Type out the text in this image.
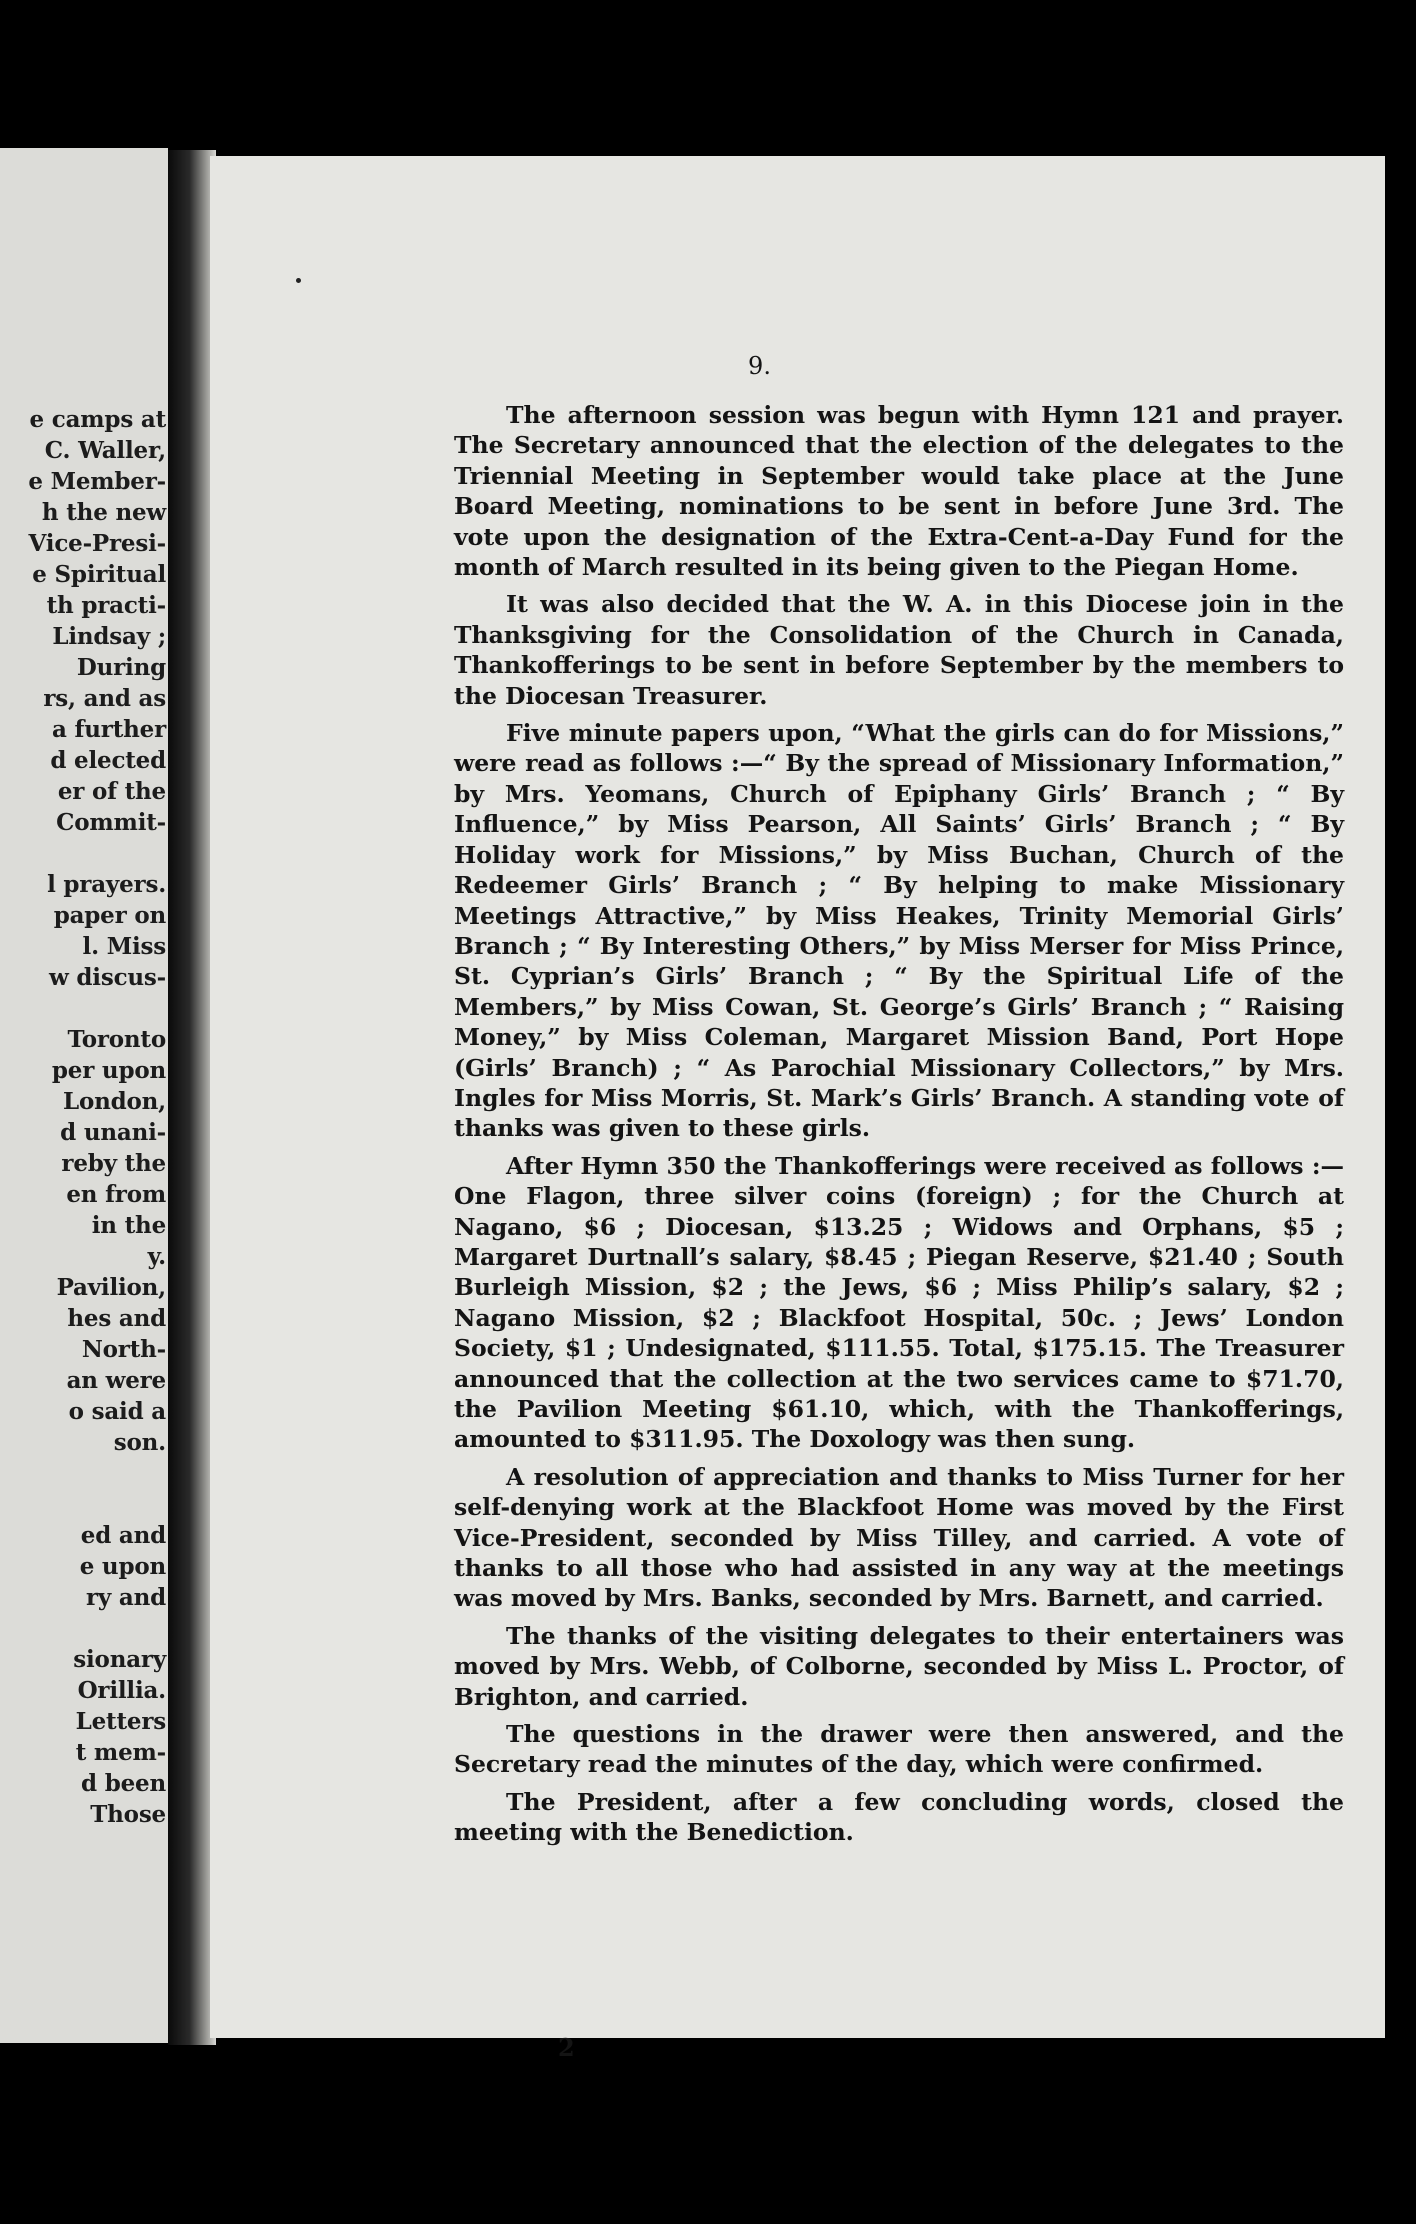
e camps at
C. Waller,
e Member-
h the new
Vice-Presi-
e Spiritual
th practi-
Lindsay ;
During
rs, and as
a further
d elected
er of the
Commit-
l prayers.
paper on
l. Miss
w discus-
Toronto
per upon
London,
d unani-
reby the
en from
in the
y.
Pavilion,
hes and
North-
an were
o said a
son.
ed and
e upon
ry and
sionary
Orillia.
Letters
t mem-
d been
Those
9.

The afternoon session was begun with Hymn 121 and prayer. The Secretary announced that the election of the delegates to the Triennial Meeting in September would take place at the June Board Meeting, nominations to be sent in before June 3rd. The vote upon the designation of the Extra-Cent-a-Day Fund for the month of March resulted in its being given to the Piegan Home.

It was also decided that the W. A. in this Diocese join in the Thanksgiving for the Consolidation of the Church in Canada, Thankofferings to be sent in before September by the members to the Diocesan Treasurer.

Five minute papers upon, “What the girls can do for Missions,” were read as follows :—“ By the spread of Missionary Information,” by Mrs. Yeomans, Church of Epiphany Girls’ Branch ; “ By Influence,” by Miss Pearson, All Saints’ Girls’ Branch ; “ By Holiday work for Missions,” by Miss Buchan, Church of the Redeemer Girls’ Branch ; “ By helping to make Missionary Meetings Attractive,” by Miss Heakes, Trinity Memorial Girls’ Branch ; “ By Interesting Others,” by Miss Merser for Miss Prince, St. Cyprian’s Girls’ Branch ; “ By the Spiritual Life of the Members,” by Miss Cowan, St. George’s Girls’ Branch ; “ Raising Money,” by Miss Coleman, Margaret Mission Band, Port Hope (Girls’ Branch) ; “ As Parochial Missionary Collectors,” by Mrs. Ingles for Miss Morris, St. Mark’s Girls’ Branch. A standing vote of thanks was given to these girls.

After Hymn 350 the Thankofferings were received as follows :— One Flagon, three silver coins (foreign) ; for the Church at Nagano, $6 ; Diocesan, $13.25 ; Widows and Orphans, $5 ; Margaret Durtnall’s salary, $8.45 ; Piegan Reserve, $21.40 ; South Burleigh Mission, $2 ; the Jews, $6 ; Miss Philip’s salary, $2 ; Nagano Mission, $2 ; Blackfoot Hospital, 50c. ; Jews’ London Society, $1 ; Undesignated, $111.55. Total, $175.15. The Treasurer announced that the collection at the two services came to $71.70, the Pavilion Meeting $61.10, which, with the Thankofferings, amounted to $311.95. The Doxology was then sung.

A resolution of appreciation and thanks to Miss Turner for her self-denying work at the Blackfoot Home was moved by the First Vice-President, seconded by Miss Tilley, and carried. A vote of thanks to all those who had assisted in any way at the meetings was moved by Mrs. Banks, seconded by Mrs. Barnett, and carried.

The thanks of the visiting delegates to their entertainers was moved by Mrs. Webb, of Colborne, seconded by Miss L. Proctor, of Brighton, and carried.

The questions in the drawer were then answered, and the Secretary read the minutes of the day, which were confirmed.

The President, after a few concluding words, closed the meeting with the Benediction.

2
